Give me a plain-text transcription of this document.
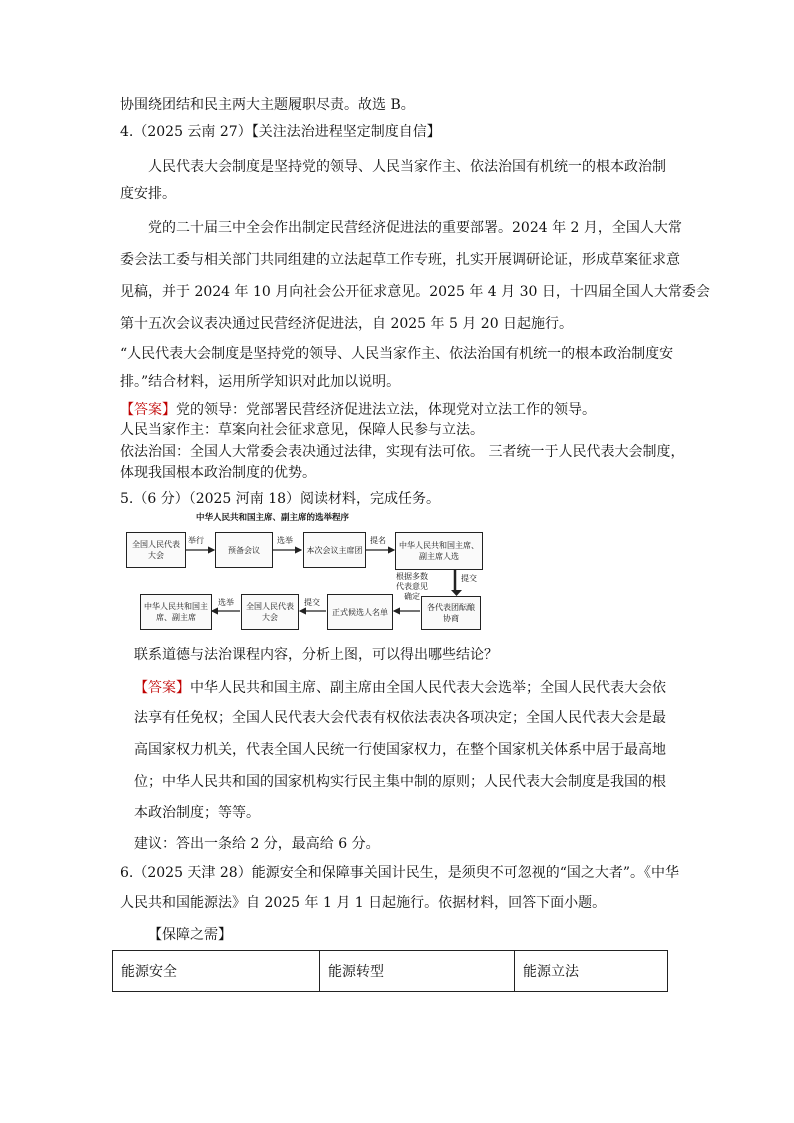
协围绕团结和民主两大主题履职尽责。故选 B。
4.（2025 云南 27）【关注法治进程坚定制度自信】
人民代表大会制度是坚持党的领导、人民当家作主、依法治国有机统一的根本政治制
度安排。
党的二十届三中全会作出制定民营经济促进法的重要部署。2024 年 2 月，全国人大常
委会法工委与相关部门共同组建的立法起草工作专班，扎实开展调研论证，形成草案征求意
见稿，并于 2024 年 10 月向社会公开征求意见。2025 年 4 月 30 日，十四届全国人大常委会
第十五次会议表决通过民营经济促进法，自 2025 年 5 月 20 日起施行。
“人民代表大会制度是坚持党的领导、人民当家作主、依法治国有机统一的根本政治制度安
排。”结合材料，运用所学知识对此加以说明。
【答案】党的领导：党部署民营经济促进法立法，体现党对立法工作的领导。
人民当家作主：草案向社会征求意见，保障人民参与立法。
依法治国：全国人大常委会表决通过法律，实现有法可依。 三者统一于人民代表大会制度，
体现我国根本政治制度的优势。
5.（6 分）（2025 河南 18）阅读材料，完成任务。
中华人民共和国主席、副主席的选举程序
全国人民代表大会
预备会议	本次会议主席团	中华人民共和国主席、副主席人选
各代表团酝酿协商
正式候选人名单
全国人民代表大会
中华人民共和国主席、副主席
举行	选举	提名
提交
根据多数代表意见确定
提交
选举
联系道德与法治课程内容，分析上图，可以得出哪些结论？
【答案】中华人民共和国主席、副主席由全国人民代表大会选举；全国人民代表大会依
法享有任免权；全国人民代表大会代表有权依法表决各项决定；全国人民代表大会是最
高国家权力机关，代表全国人民统一行使国家权力，在整个国家机关体系中居于最高地
位；中华人民共和国的国家机构实行民主集中制的原则；人民代表大会制度是我国的根
本政治制度；等等。
建议：答出一条给 2 分，最高给 6 分。
6.（2025 天津 28）能源安全和保障事关国计民生，是须臾不可忽视的“国之大者”。《中华
人民共和国能源法》自 2025 年 1 月 1 日起施行。依据材料，回答下面小题。
【保障之需】
能源安全	能源转型	能源立法
